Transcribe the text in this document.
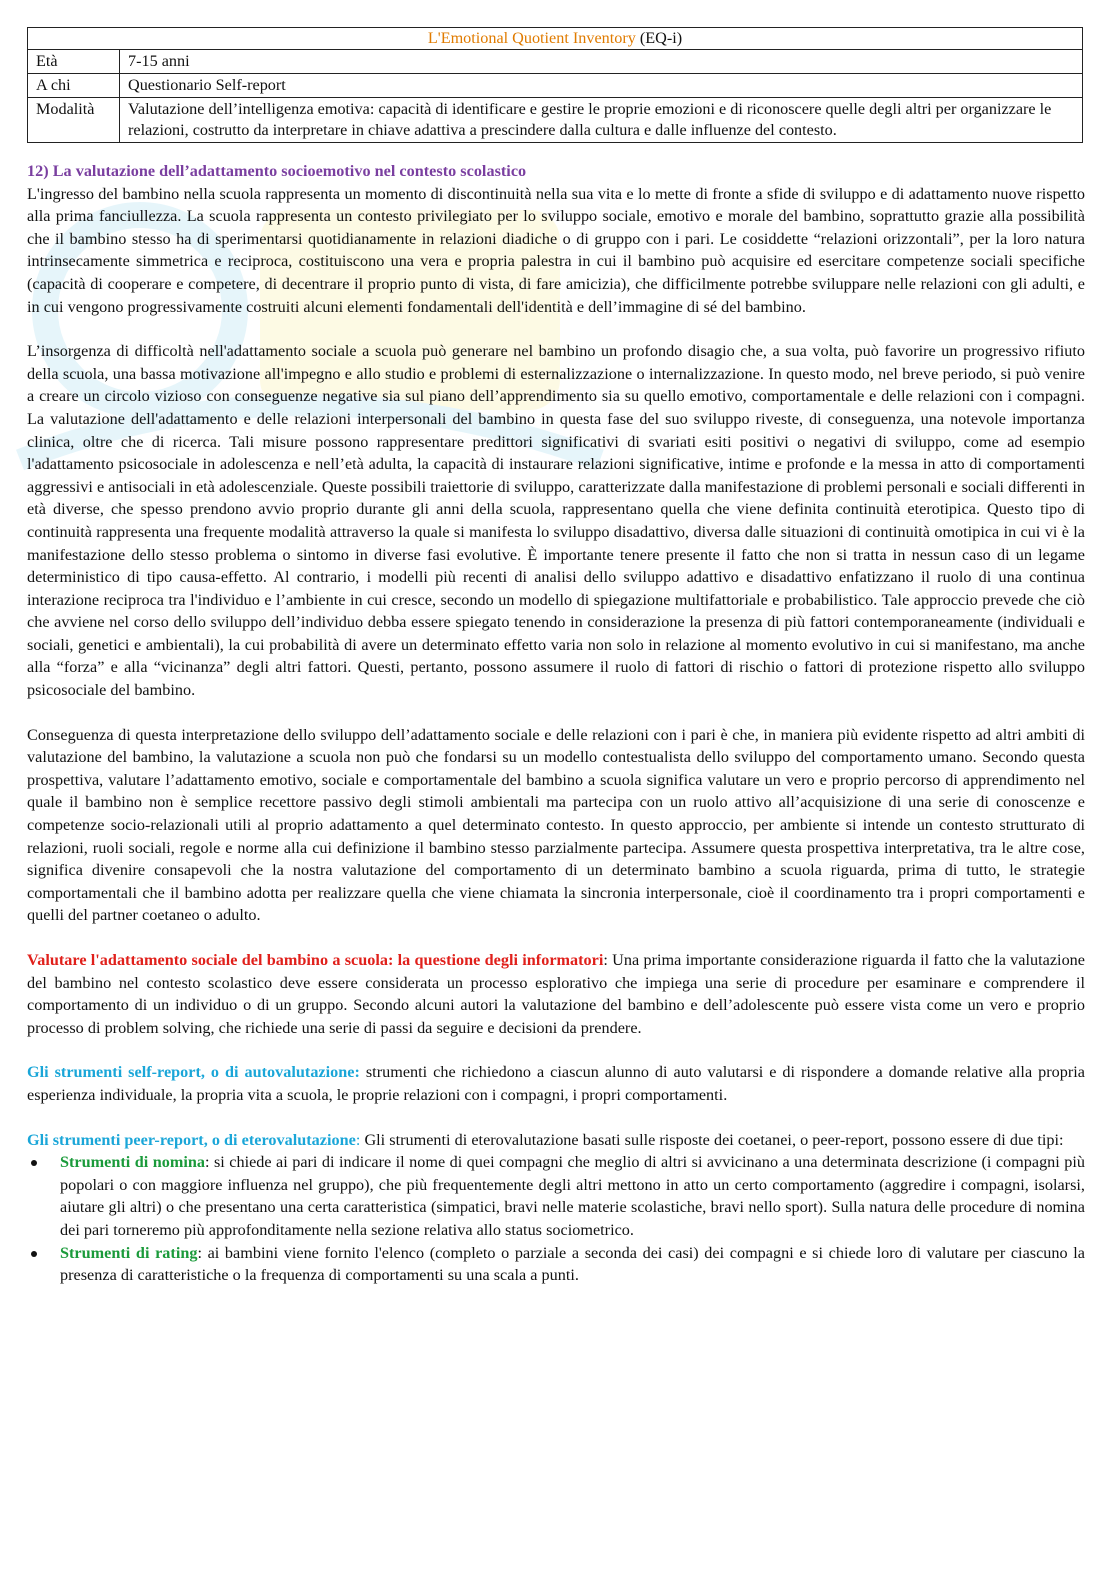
L'Emotional Quotient Inventory (EQ-i)	
Età	7-15 anni
A chi	Questionario Self-report
Modalità	Valutazione dell’intelligenza emotiva: capacità di identificare e gestire le proprie emozioni e di riconoscere quelle degli altri per organizzare le relazioni, costrutto da interpretare in chiave adattiva a prescindere dalla cultura e dalle influenze del contesto.

12) La valutazione dell’adattamento socioemotivo nel contesto scolastico

L'ingresso del bambino nella scuola rappresenta un momento di discontinuità nella sua vita e lo mette di fronte a sfide di sviluppo e di adattamento nuove rispetto alla prima fanciullezza. La scuola rappresenta un contesto privilegiato per lo sviluppo sociale, emotivo e morale del bambino, soprattutto grazie alla possibilità che il bambino stesso ha di sperimentarsi quotidianamente in relazioni diadiche o di gruppo con i pari. Le cosiddette “relazioni orizzontali”, per la loro natura intrinsecamente simmetrica e reciproca, costituiscono una vera e propria palestra in cui il bambino può acquisire ed esercitare competenze sociali specifiche (capacità di cooperare e competere, di decentrare il proprio punto di vista, di fare amicizia), che difficilmente potrebbe sviluppare nelle relazioni con gli adulti, e in cui vengono progressivamente costruiti alcuni elementi fondamentali dell'identità e dell’immagine di sé del bambino.

L’insorgenza di difficoltà nell'adattamento sociale a scuola può generare nel bambino un profondo disagio che, a sua volta, può favorire un progressivo rifiuto della scuola, una bassa motivazione all'impegno e allo studio e problemi di esternalizzazione o internalizzazione. In questo modo, nel breve periodo, si può venire a creare un circolo vizioso con conseguenze negative sia sul piano dell’apprendimento sia su quello emotivo, comportamentale e delle relazioni con i compagni. La valutazione dell'adattamento e delle relazioni interpersonali del bambino in questa fase del suo sviluppo riveste, di conseguenza, una notevole importanza clinica, oltre che di ricerca. Tali misure possono rappresentare predittori significativi di svariati esiti positivi o negativi di sviluppo, come ad esempio l'adattamento psicosociale in adolescenza e nell’età adulta, la capacità di instaurare relazioni significative, intime e profonde e la messa in atto di comportamenti aggressivi e antisociali in età adolescenziale. Queste possibili traiettorie di sviluppo, caratterizzate dalla manifestazione di problemi personali e sociali differenti in età diverse, che spesso prendono avvio proprio durante gli anni della scuola, rappresentano quella che viene definita continuità eterotipica. Questo tipo di continuità rappresenta una frequente modalità attraverso la quale si manifesta lo sviluppo disadattivo, diversa dalle situazioni di continuità omotipica in cui vi è la manifestazione dello stesso problema o sintomo in diverse fasi evolutive. È importante tenere presente il fatto che non si tratta in nessun caso di un legame deterministico di tipo causa-effetto. Al contrario, i modelli più recenti di analisi dello sviluppo adattivo e disadattivo enfatizzano il ruolo di una continua interazione reciproca tra l'individuo e l’ambiente in cui cresce, secondo un modello di spiegazione multifattoriale e probabilistico. Tale approccio prevede che ciò che avviene nel corso dello sviluppo dell’individuo debba essere spiegato tenendo in considerazione la presenza di più fattori contemporaneamente (individuali e sociali, genetici e ambientali), la cui probabilità di avere un determinato effetto varia non solo in relazione al momento evolutivo in cui si manifestano, ma anche alla “forza” e alla “vicinanza” degli altri fattori. Questi, pertanto, possono assumere il ruolo di fattori di rischio o fattori di protezione rispetto allo sviluppo psicosociale del bambino.

Conseguenza di questa interpretazione dello sviluppo dell’adattamento sociale e delle relazioni con i pari è che, in maniera più evidente rispetto ad altri ambiti di valutazione del bambino, la valutazione a scuola non può che fondarsi su un modello contestualista dello sviluppo del comportamento umano. Secondo questa prospettiva, valutare l’adattamento emotivo, sociale e comportamentale del bambino a scuola significa valutare un vero e proprio percorso di apprendimento nel quale il bambino non è semplice recettore passivo degli stimoli ambientali ma partecipa con un ruolo attivo all’acquisizione di una serie di conoscenze e competenze socio-relazionali utili al proprio adattamento a quel determinato contesto. In questo approccio, per ambiente si intende un contesto strutturato di relazioni, ruoli sociali, regole e norme alla cui definizione il bambino stesso parzialmente partecipa. Assumere questa prospettiva interpretativa, tra le altre cose, significa divenire consapevoli che la nostra valutazione del comportamento di un determinato bambino a scuola riguarda, prima di tutto, le strategie comportamentali che il bambino adotta per realizzare quella che viene chiamata la sincronia interpersonale, cioè il coordinamento tra i propri comportamenti e quelli del partner coetaneo o adulto.

Valutare l'adattamento sociale del bambino a scuola: la questione degli informatori: Una prima importante considerazione riguarda il fatto che la valutazione del bambino nel contesto scolastico deve essere considerata un processo esplorativo che impiega una serie di procedure per esaminare e comprendere il comportamento di un individuo o di un gruppo. Secondo alcuni autori la valutazione del bambino e dell’adolescente può essere vista come un vero e proprio processo di problem solving, che richiede una serie di passi da seguire e decisioni da prendere.

Gli strumenti self-report, o di autovalutazione: strumenti che richiedono a ciascun alunno di auto valutarsi e di rispondere a domande relative alla propria esperienza individuale, la propria vita a scuola, le proprie relazioni con i compagni, i propri comportamenti.

Gli strumenti peer-report, o di eterovalutazione: Gli strumenti di eterovalutazione basati sulle risposte dei coetanei, o peer-report, possono essere di due tipi:

Strumenti di nomina: si chiede ai pari di indicare il nome di quei compagni che meglio di altri si avvicinano a una determinata descrizione (i compagni più popolari o con maggiore influenza nel gruppo), che più frequentemente degli altri mettono in atto un certo comportamento (aggredire i compagni, isolarsi, aiutare gli altri) o che presentano una certa caratteristica (simpatici, bravi nelle materie scolastiche, bravi nello sport). Sulla natura delle procedure di nomina dei pari torneremo più approfonditamente nella sezione relativa allo status sociometrico.
Strumenti di rating: ai bambini viene fornito l'elenco (completo o parziale a seconda dei casi) dei compagni e si chiede loro di valutare per ciascuno la presenza di caratteristiche o la frequenza di comportamenti su una scala a punti.
